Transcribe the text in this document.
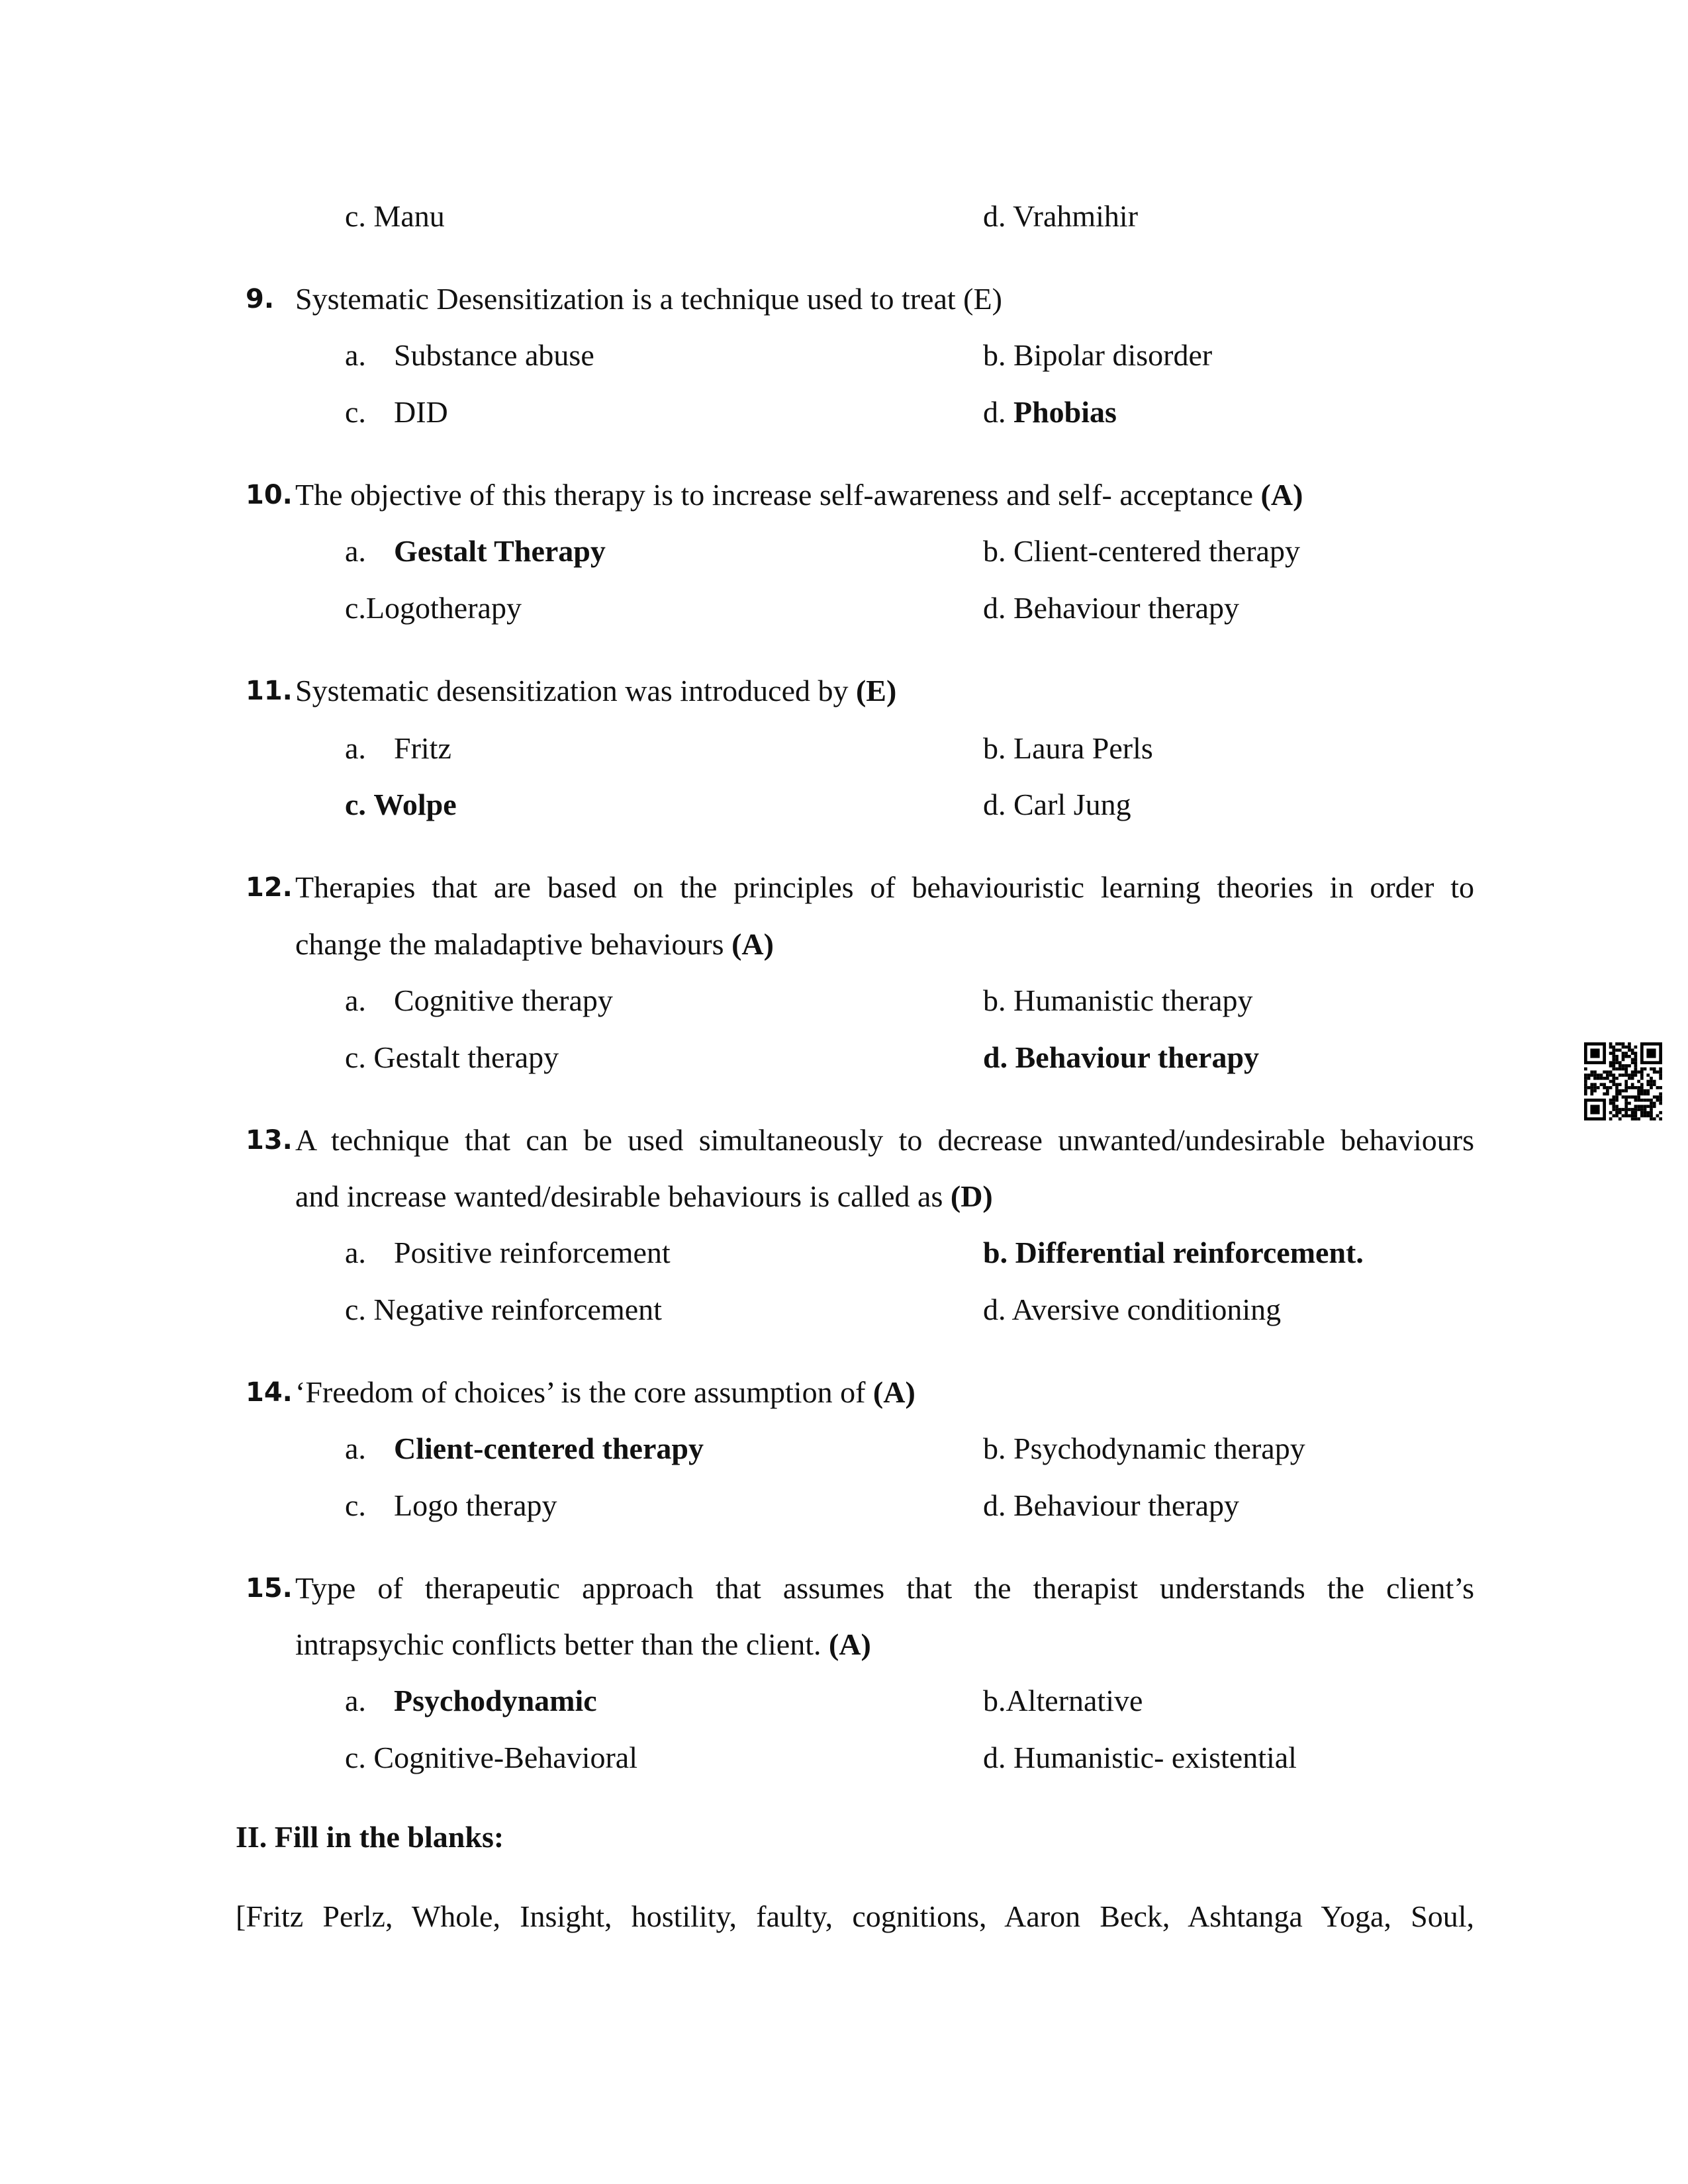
II. Fill in the blanks:
[Fritz Perlz, Whole, Insight, hostility, faulty, cognitions, Aaron Beck, Ashtanga Yoga, Soul,
c. Manu	d. Vrahmihir
9. Systematic Desensitization is a technique used to treat (E)
a. Substance abuse	b. Bipolar disorder
c. DID	d. Phobias
10. The objective of this therapy is to increase self-awareness and self- acceptance (A)
a. Gestalt Therapy	b. Client-centered therapy
c.Logotherapy	d. Behaviour therapy
11. Systematic desensitization was introduced by (E)
a. Fritz	b. Laura Perls
c. Wolpe	d. Carl Jung
12. Therapies that are based on the principles of behaviouristic learning theories in order to
change the maladaptive behaviours (A)
a. Cognitive therapy	b. Humanistic therapy
c. Gestalt therapy	d. Behaviour therapy
13. A technique that can be used simultaneously to decrease unwanted/undesirable behaviours
and increase wanted/desirable behaviours is called as (D)
a. Positive reinforcement	b. Differential reinforcement.
c. Negative reinforcement	d. Aversive conditioning
14. ‘Freedom of choices’ is the core assumption of (A)
a. Client-centered therapy	b. Psychodynamic therapy
c. Logo therapy	d. Behaviour therapy
15. Type of therapeutic approach that assumes that the therapist understands the client’s
intrapsychic conflicts better than the client. (A)
a. Psychodynamic	b.Alternative
c. Cognitive-Behavioral	d. Humanistic- existential
